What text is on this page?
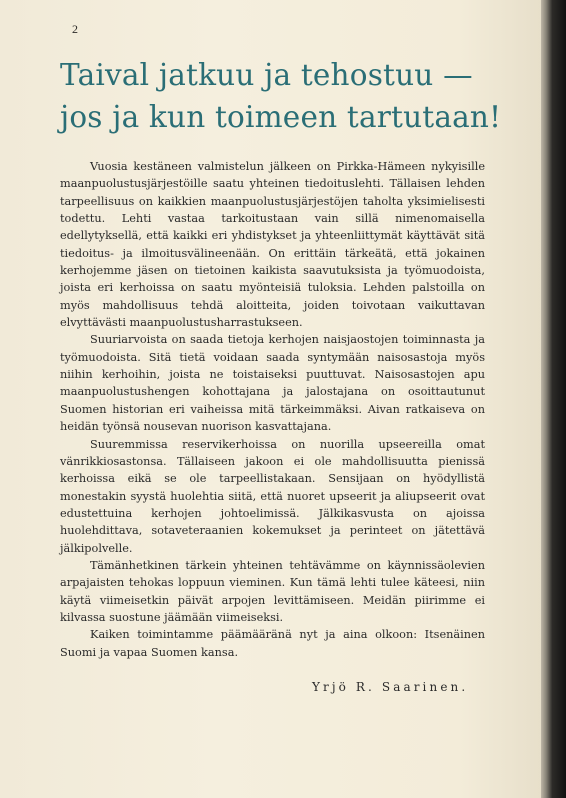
2
Taival jatkuu ja tehostuu —
jos ja kun toimeen tartutaan!

Vuosia kestäneen valmistelun jälkeen on Pirkka-Hämeen nykyisille maanpuolustusjärjestöille saatu yhteinen tiedoituslehti. Tällaisen lehden tarpeellisuus on kaikkien maanpuolustusjärjestöjen taholta yksimielisesti todettu. Lehti vastaa tarkoitustaan vain sillä nimenomaisella edellytyksellä, että kaikki eri yhdistykset ja yhteenliittymät käyttävät sitä tiedoitus- ja ilmoitusvälineenään. On erittäin tärkeätä, että jokainen kerhojemme jäsen on tietoinen kaikista saavutuksista ja työmuodoista, joista eri kerhoissa on saatu myönteisiä tuloksia. Lehden palstoilla on myös mahdollisuus tehdä aloitteita, joiden toivotaan vaikuttavan elvyttävästi maanpuolustusharrastukseen.

Suuriarvoista on saada tietoja kerhojen naisjaostojen toiminnasta ja työmuodoista. Sitä tietä voidaan saada syntymään naisosastoja myös niihin kerhoihin, joista ne toistaiseksi puuttuvat. Naisosastojen apu maanpuolustushengen kohottajana ja jalostajana on osoittautunut Suomen historian eri vaiheissa mitä tärkeimmäksi. Aivan ratkaiseva on heidän työnsä nousevan nuorison kasvattajana.

Suuremmissa reservikerhoissa on nuorilla upseereilla omat vänrikkiosastonsa. Tällaiseen jakoon ei ole mahdollisuutta pienissä kerhoissa eikä se ole tarpeellistakaan. Sensijaan on hyödyllistä monestakin syystä huolehtia siitä, että nuoret upseerit ja aliupseerit ovat edustettuina kerhojen johtoelimissä. Jälkikasvusta on ajoissa huolehdittava, sotaveteraanien kokemukset ja perinteet on jätettävä jälkipolvelle.

Tämänhetkinen tärkein yhteinen tehtävämme on käynnissäolevien arpajaisten tehokas loppuun vieminen. Kun tämä lehti tulee käteesi, niin käytä viimeisetkin päivät arpojen levittämiseen. Meidän piirimme ei kilvassa suostune jäämään viimeiseksi.

Kaiken toimintamme päämääränä nyt ja aina olkoon: Itsenäinen Suomi ja vapaa Suomen kansa.

Yrjö R. Saarinen.
